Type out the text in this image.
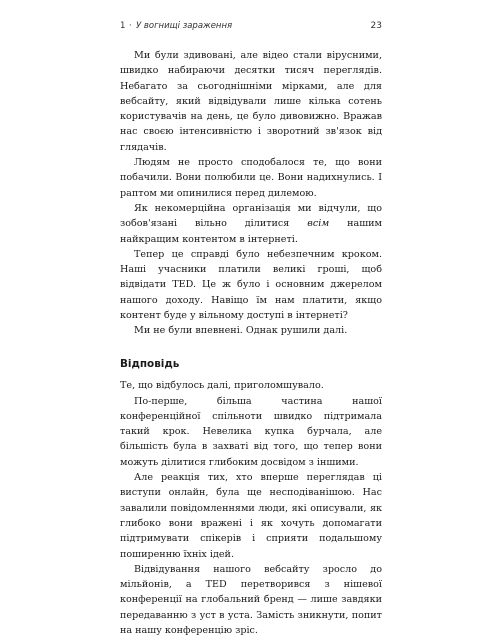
1 · У вогнищі зараження	23

Ми були здивовані, але відео стали вірусними, швидко набираючи десятки тисяч переглядів. Небагато за сьогоднішніми мірками, але для вебсайту, який відвідували лише кілька сотень користувачів на день, це було дивовижно. Вражав нас своєю інтенсивністю і зворотний зв'язок від глядачів.

Людям не просто сподобалося те, що вони побачили. Вони полюбили це. Вони надихнулись. І раптом ми опинилися перед дилемою.

Як некомерційна організація ми відчули, що зобов'язані вільно ділитися всім нашим найкращим контентом в інтернеті.

Тепер це справді було небезпечним кроком. Наші учасники платили великі гроші, щоб відвідати TED. Це ж було і основним джерелом нашого доходу. Навіщо їм нам платити, якщо контент буде у вільному доступі в інтернеті?

Ми не були впевнені. Однак рушили далі.

Відповідь

Те, що відбулось далі, приголомшувало.

По-перше, більша частина нашої конференційної спільноти швидко підтримала такий крок. Невелика купка бурчала, але більшість була в захваті від того, що тепер вони можуть ділитися глибоким досвідом з іншими.

Але реакція тих, хто вперше переглядав ці виступи онлайн, була ще несподіванішою. Нас завалили повідомленнями люди, які описували, як глибоко вони вражені і як хочуть допомагати підтримувати спікерів і сприяти подальшому поширенню їхніх ідей.

Відвідування нашого вебсайту зросло до мільйонів, а TED перетворився з нішевої конференції на глобальний бренд — лише завдяки передаванню з уст в уста. Замість зникнути, попит на нашу конференцію зріс.
